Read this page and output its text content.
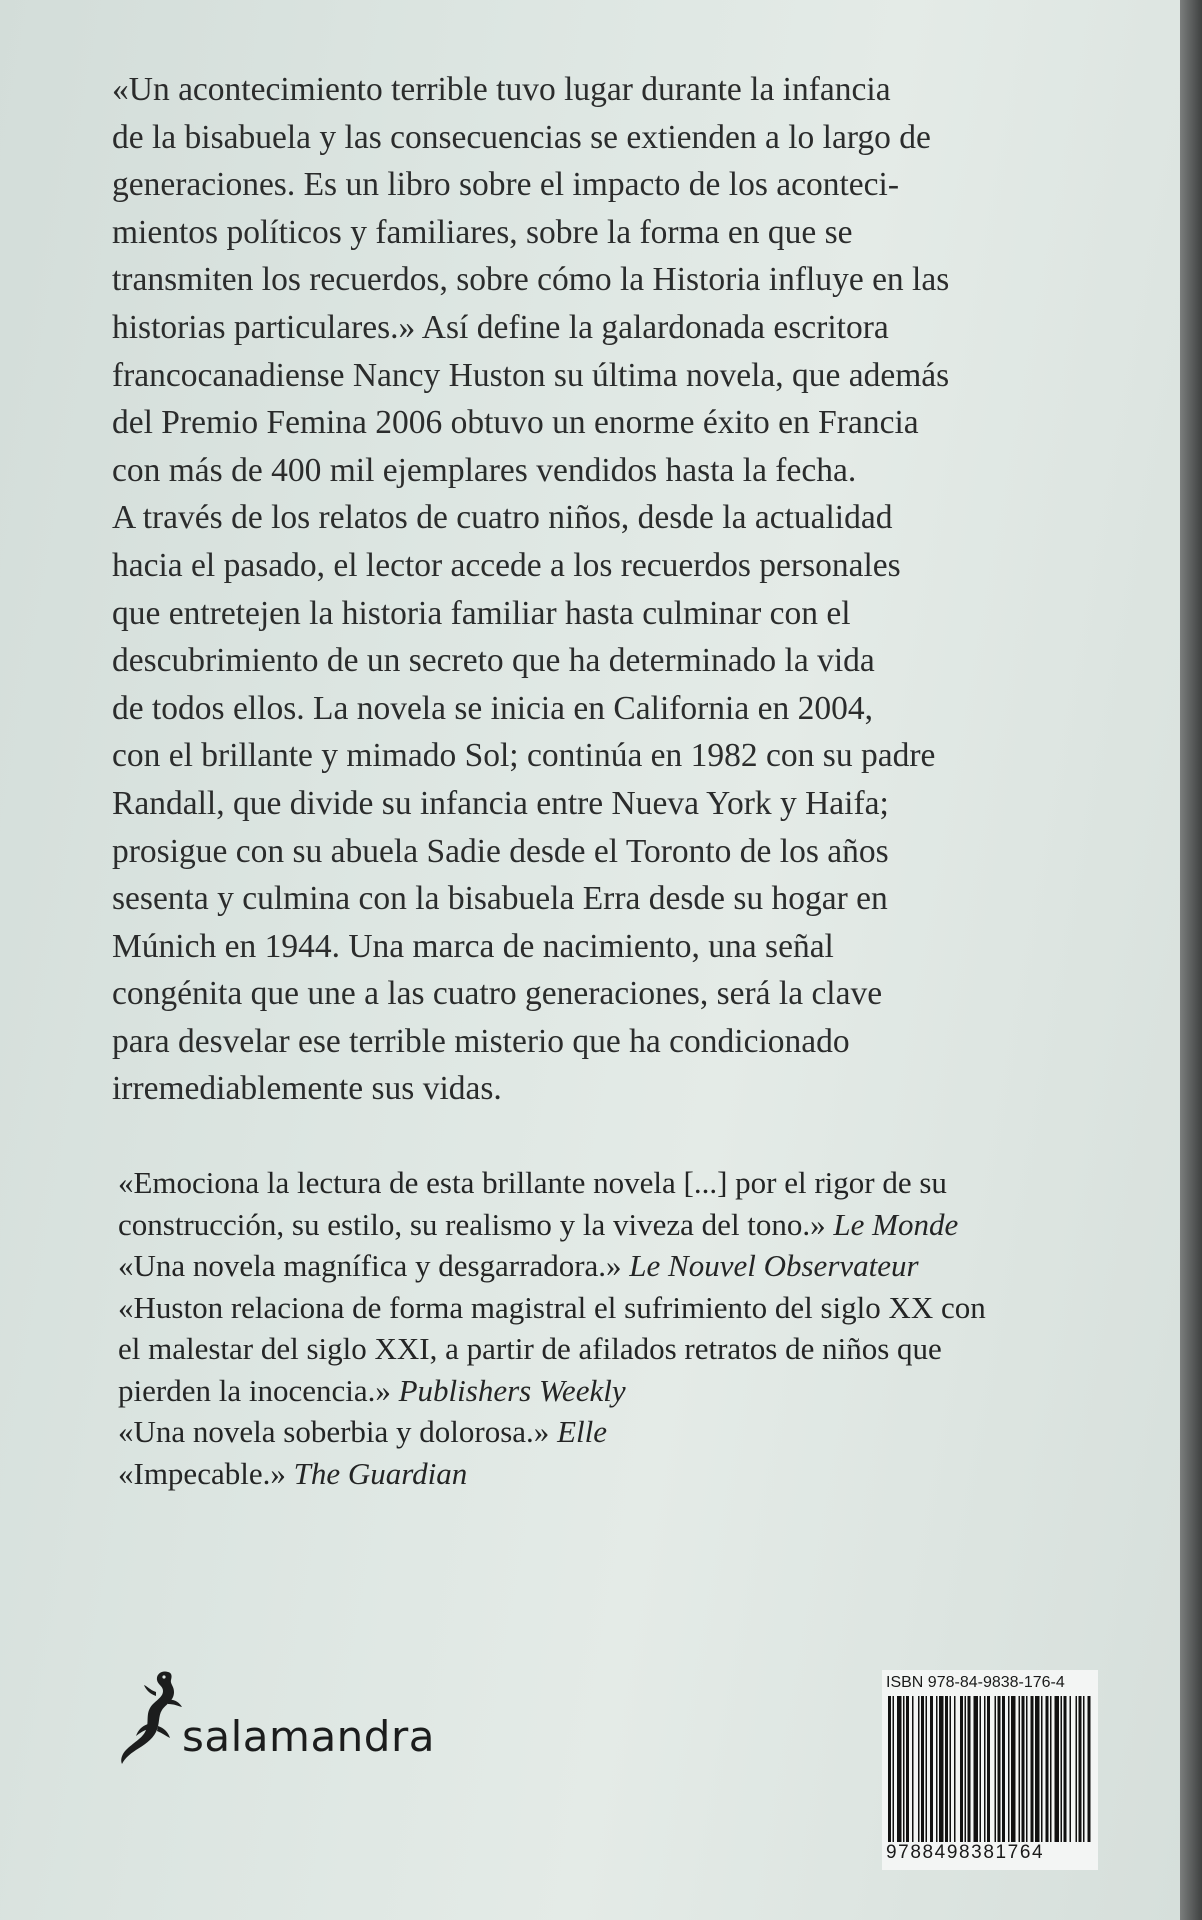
«Un acontecimiento terrible tuvo lugar durante la infancia
de la bisabuela y las consecuencias se extienden a lo largo de
generaciones. Es un libro sobre el impacto de los aconteci-
mientos políticos y familiares, sobre la forma en que se
transmiten los recuerdos, sobre cómo la Historia influye en las
historias particulares.» Así define la galardonada escritora
francocanadiense Nancy Huston su última novela, que además
del Premio Femina 2006 obtuvo un enorme éxito en Francia
con más de 400 mil ejemplares vendidos hasta la fecha.
A través de los relatos de cuatro niños, desde la actualidad
hacia el pasado, el lector accede a los recuerdos personales
que entretejen la historia familiar hasta culminar con el
descubrimiento de un secreto que ha determinado la vida
de todos ellos. La novela se inicia en California en 2004,
con el brillante y mimado Sol; continúa en 1982 con su padre
Randall, que divide su infancia entre Nueva York y Haifa;
prosigue con su abuela Sadie desde el Toronto de los años
sesenta y culmina con la bisabuela Erra desde su hogar en
Múnich en 1944. Una marca de nacimiento, una señal
congénita que une a las cuatro generaciones, será la clave
para desvelar ese terrible misterio que ha condicionado
irremediablemente sus vidas.

«Emociona la lectura de esta brillante novela [...] por el rigor de su
construcción, su estilo, su realismo y la viveza del tono.» Le Monde
«Una novela magnífica y desgarradora.» Le Nouvel Observateur
«Huston relaciona de forma magistral el sufrimiento del siglo XX con
el malestar del siglo XXI, a partir de afilados retratos de niños que
pierden la inocencia.» Publishers Weekly
«Una novela soberbia y dolorosa.» Elle
«Impecable.» The Guardian
salamandra
ISBN 978-84-9838-176-4
9788498381764
